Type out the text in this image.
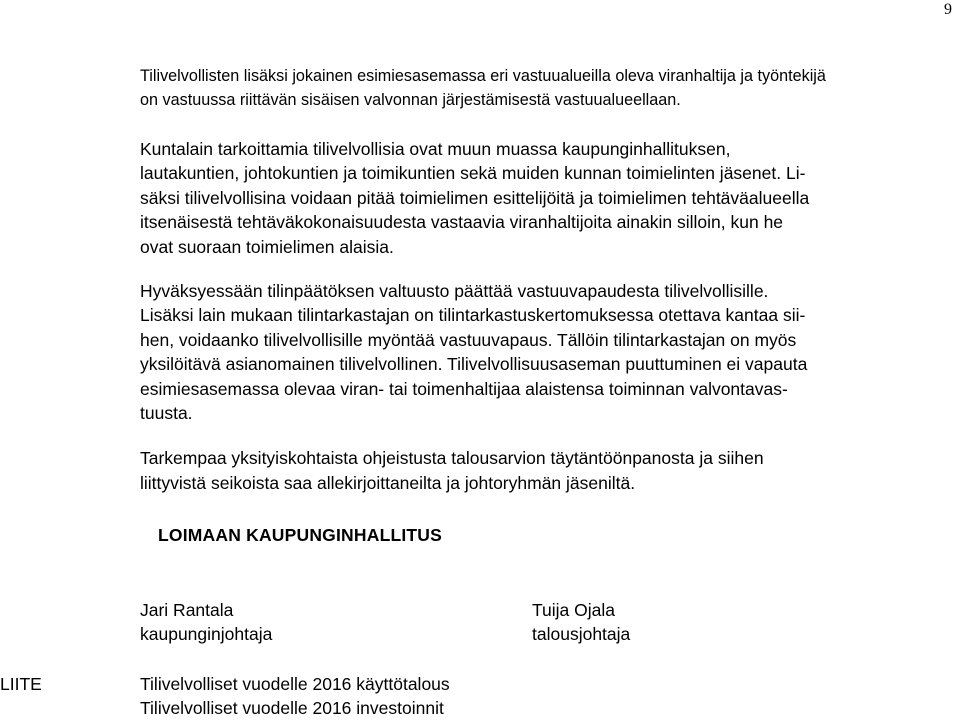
9

Tilivelvollisten lisäksi jokainen esimiesasemassa eri vastuualueilla oleva viranhaltija ja työntekijä
on vastuussa riittävän sisäisen valvonnan järjestämisestä vastuualueellaan.

Kuntalain tarkoittamia tilivelvollisia ovat muun muassa kaupunginhallituksen,
lautakuntien, johtokuntien ja toimikuntien sekä muiden kunnan toimielinten jäsenet. Li-
säksi tilivelvollisina voidaan pitää toimielimen esittelijöitä ja toimielimen tehtäväalueella
itsenäisestä tehtäväkokonaisuudesta vastaavia viranhaltijoita ainakin silloin, kun he
ovat suoraan toimielimen alaisia.

Hyväksyessään tilinpäätöksen valtuusto päättää vastuuvapaudesta tilivelvollisille.
Lisäksi lain mukaan tilintarkastajan on tilintarkastuskertomuksessa otettava kantaa sii-
hen, voidaanko tilivelvollisille myöntää vastuuvapaus. Tällöin tilintarkastajan on myös
yksilöitävä asianomainen tilivelvollinen. Tilivelvollisuusaseman puuttuminen ei vapauta
esimiesasemassa olevaa viran- tai toimenhaltijaa alaistensa toiminnan valvontavas-
tuusta.

Tarkempaa yksityiskohtaista ohjeistusta talousarvion täytäntöönpanosta ja siihen
liittyvistä seikoista saa allekirjoittaneilta ja johtoryhmän jäseniltä.

LOIMAAN KAUPUNGINHALLITUS
Jari Rantala
kaupunginjohtaja
Tuija Ojala
talousjohtaja
LIITE	Tilivelvolliset vuodelle 2016 käyttötalous
Tilivelvolliset vuodelle 2016 investoinnit
